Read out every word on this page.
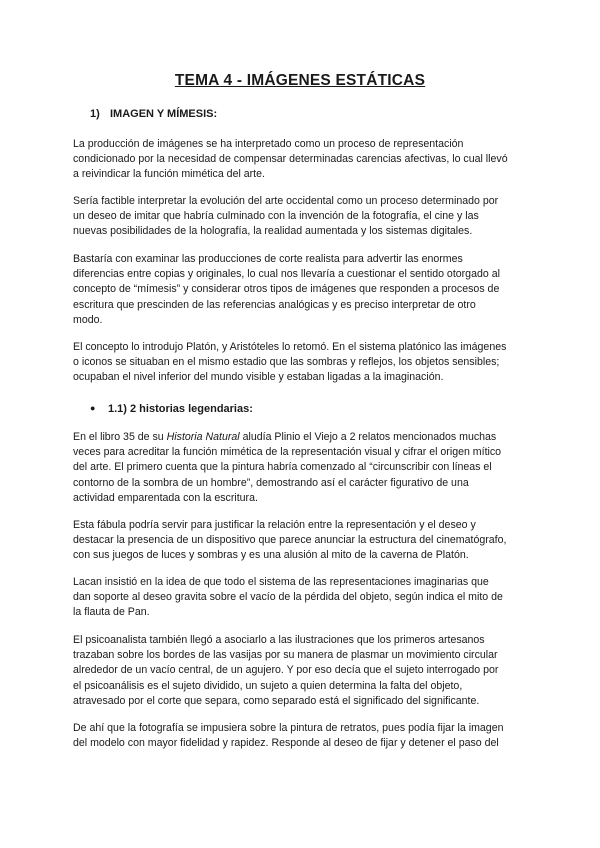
TEMA 4 - IMÁGENES ESTÁTICAS
1) IMAGEN Y MÍMESIS:

La producción de imágenes se ha interpretado como un proceso de representación
condicionado por la necesidad de compensar determinadas carencias afectivas, lo cual llevó
a reivindicar la función mimética del arte.

Sería factible interpretar la evolución del arte occidental como un proceso determinado por
un deseo de imitar que habría culminado con la invención de la fotografía, el cine y las
nuevas posibilidades de la holografía, la realidad aumentada y los sistemas digitales.

Bastaría con examinar las producciones de corte realista para advertir las enormes
diferencias entre copias y originales, lo cual nos llevaría a cuestionar el sentido otorgado al
concepto de “mímesis” y considerar otros tipos de imágenes que responden a procesos de
escritura que prescinden de las referencias analógicas y es preciso interpretar de otro
modo.

El concepto lo introdujo Platón, y Aristóteles lo retomó. En el sistema platónico las imágenes
o iconos se situaban en el mismo estadio que las sombras y reflejos, los objetos sensibles;
ocupaban el nivel inferior del mundo visible y estaban ligadas a la imaginación.

● 1.1) 2 historias legendarias:

En el libro 35 de su Historia Natural aludía Plinio el Viejo a 2 relatos mencionados muchas
veces para acreditar la función mimética de la representación visual y cifrar el origen mítico
del arte. El primero cuenta que la pintura habría comenzado al “circunscribir con líneas el
contorno de la sombra de un hombre”, demostrando así el carácter figurativo de una
actividad emparentada con la escritura.

Esta fábula podría servir para justificar la relación entre la representación y el deseo y
destacar la presencia de un dispositivo que parece anunciar la estructura del cinematógrafo,
con sus juegos de luces y sombras y es una alusión al mito de la caverna de Platón.

Lacan insistió en la idea de que todo el sistema de las representaciones imaginarias que
dan soporte al deseo gravita sobre el vacío de la pérdida del objeto, según indica el mito de
la flauta de Pan.

El psicoanalista también llegó a asociarlo a las ilustraciones que los primeros artesanos
trazaban sobre los bordes de las vasijas por su manera de plasmar un movimiento circular
alrededor de un vacío central, de un agujero. Y por eso decía que el sujeto interrogado por
el psicoanálisis es el sujeto dividido, un sujeto a quien determina la falta del objeto,
atravesado por el corte que separa, como separado está el significado del significante.

De ahí que la fotografía se impusiera sobre la pintura de retratos, pues podía fijar la imagen
del modelo con mayor fidelidad y rapidez. Responde al deseo de fijar y detener el paso del
